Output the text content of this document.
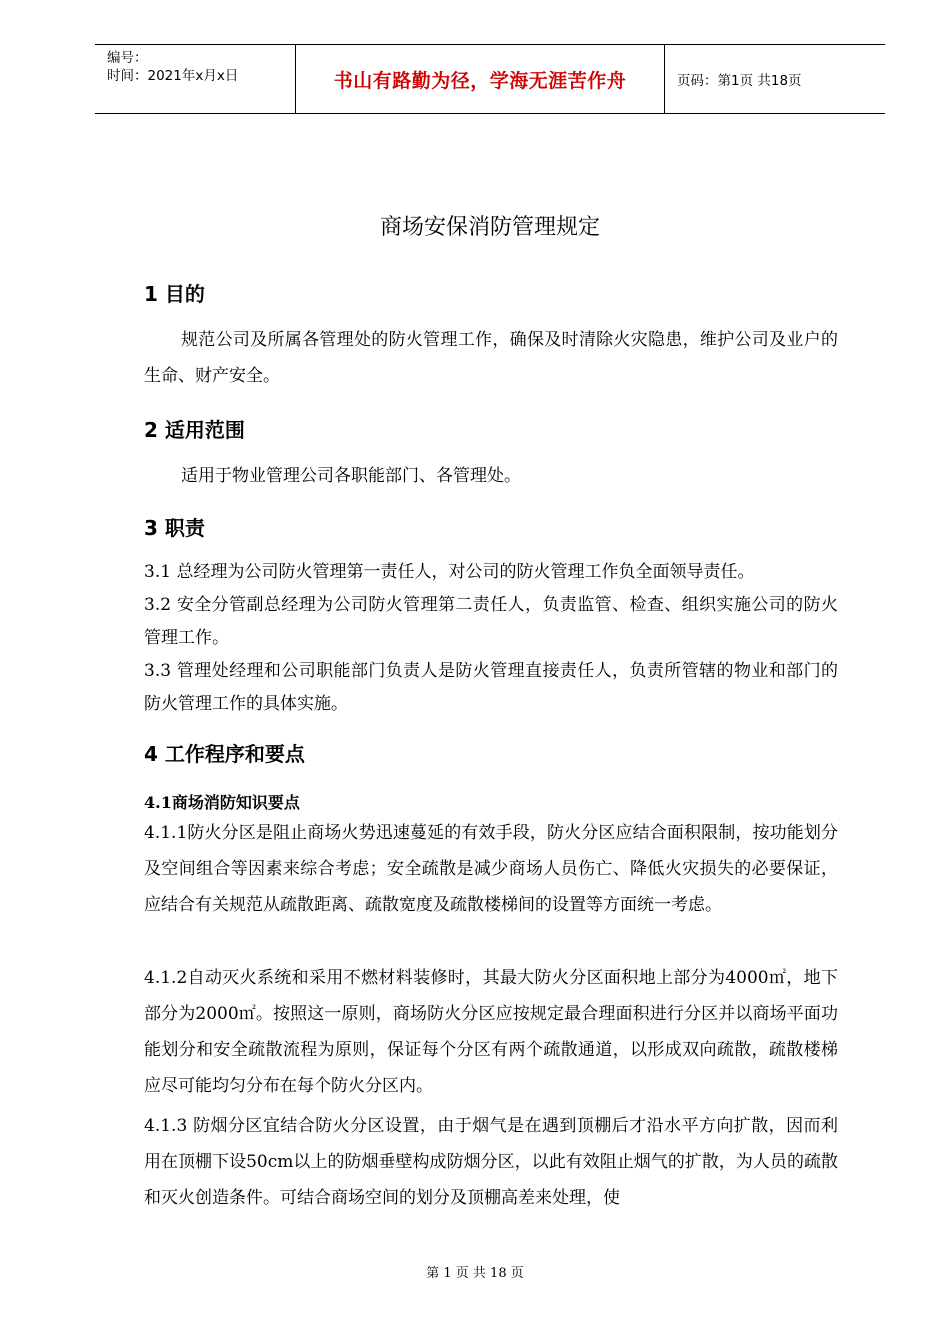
编号：
时间：2021年x月x日	书山有路勤为径，学海无涯苦作舟	页码：第1页 共18页
商场安保消防管理规定
1 目的
规范公司及所属各管理处的防火管理工作，确保及时清除火灾隐患，维护公司及业户的生命、财产安全。
2 适用范围
适用于物业管理公司各职能部门、各管理处。
3 职责
3.1 总经理为公司防火管理第一责任人，对公司的防火管理工作负全面领导责任。
3.2 安全分管副总经理为公司防火管理第二责任人，负责监管、检查、组织实施公司的防火管理工作。
3.3 管理处经理和公司职能部门负责人是防火管理直接责任人，负责所管辖的物业和部门的防火管理工作的具体实施。
4 工作程序和要点
4.1商场消防知识要点
4.1.1防火分区是阻止商场火势迅速蔓延的有效手段，防火分区应结合面积限制，按功能划分及空间组合等因素来综合考虑；安全疏散是减少商场人员伤亡、降低火灾损失的必要保证，应结合有关规范从疏散距离、疏散宽度及疏散楼梯间的设置等方面统一考虑。
4.1.2自动灭火系统和采用不燃材料装修时，其最大防火分区面积地上部分为4000㎡，地下部分为2000㎡。按照这一原则，商场防火分区应按规定最合理面积进行分区并以商场平面功能划分和安全疏散流程为原则，保证每个分区有两个疏散通道，以形成双向疏散，疏散楼梯应尽可能均匀分布在每个防火分区内。
4.1.3 防烟分区宜结合防火分区设置，由于烟气是在遇到顶棚后才沿水平方向扩散，因而利用在顶棚下设50cm以上的防烟垂壁构成防烟分区，以此有效阻止烟气的扩散，为人员的疏散和灭火创造条件。可结合商场空间的划分及顶棚高差来处理，使
第 1 页 共 18 页
